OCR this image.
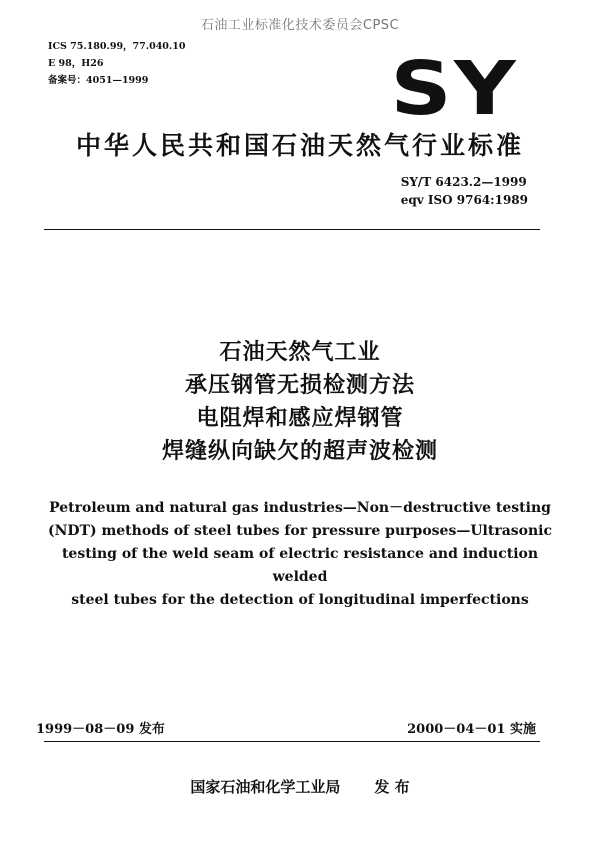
石油工业标准化技术委员会CPSC
ICS 75.180.99，77.040.10
E 98，H26
备案号：4051—1999	SY
中华人民共和国石油天然气行业标准
SY/T 6423.2—1999
eqv ISO 9764:1989
石油天然气工业
承压钢管无损检测方法
电阻焊和感应焊钢管
焊缝纵向缺欠的超声波检测
Petroleum and natural gas industries—Non－destructive testing
(NDT) methods of steel tubes for pressure purposes—Ultrasonic
testing of the weld seam of electric resistance and induction welded
steel tubes for the detection of longitudinal imperfections
1999－08－09 发布	2000－04－01 实施
国家石油和化学工业局 发 布
